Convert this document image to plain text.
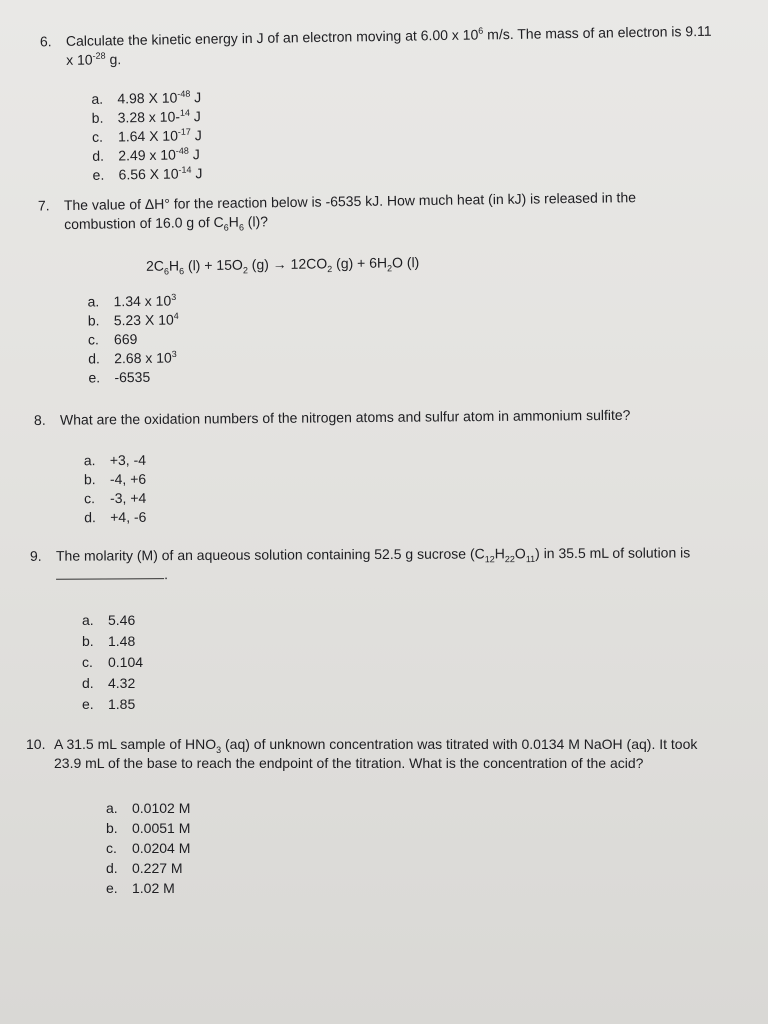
6.	Calculate the kinetic energy in J of an electron moving at 6.00 x $10^6$ m/s. The mass of an electron is 9.11 x $10^{-28}$ g.
a.	4.98 X $10^{-48}$ J
b.	3.28 x 10-$^{14}$ J
c.	1.64 X $10^{-17}$ J
d.	2.49 x $10^{-48}$ J
e.	6.56 X $10^{-14}$ J
7.	The value of ΔH° for the reaction below is -6535 kJ. How much heat (in kJ) is released in the combustion of 16.0 g of $C_6H_6$ (l)?
$2C_6H_6$ $(l) + 15O_2$ $(g) \to 12CO_2$ $(g) + 6H_2O$ (l)
a.	1.34 x $10^3$
b.	5.23 X $10^4$
c.	669
d.	2.68 x $10^3$
e.	-6535
8.	What are the oxidation numbers of the nitrogen atoms and sulfur atom in ammonium sulfite?
a.	+3, -4
b.	-4, +6
c.	-3, +4
d.	+4, -6
9.	The molarity (M) of an aqueous solution containing 52.5 g sucrose $(C_{12}H_{22}O_{11})$ in 35.5 mL of solution is.
a.	5.46
b.	1.48
c.	0.104
d.	4.32
e.	1.85
10. A 31.5 mL sample of $HNO_3$ (aq) of unknown concentration was titrated with 0.0134 M NaOH (aq). It took 23.9 mL of the base to reach the endpoint of the titration. What is the concentration of the acid?
a.	0.0102 M
b.	0.0051 M
c.	0.0204 M
d.	0.227 M
e.	1.02 M
